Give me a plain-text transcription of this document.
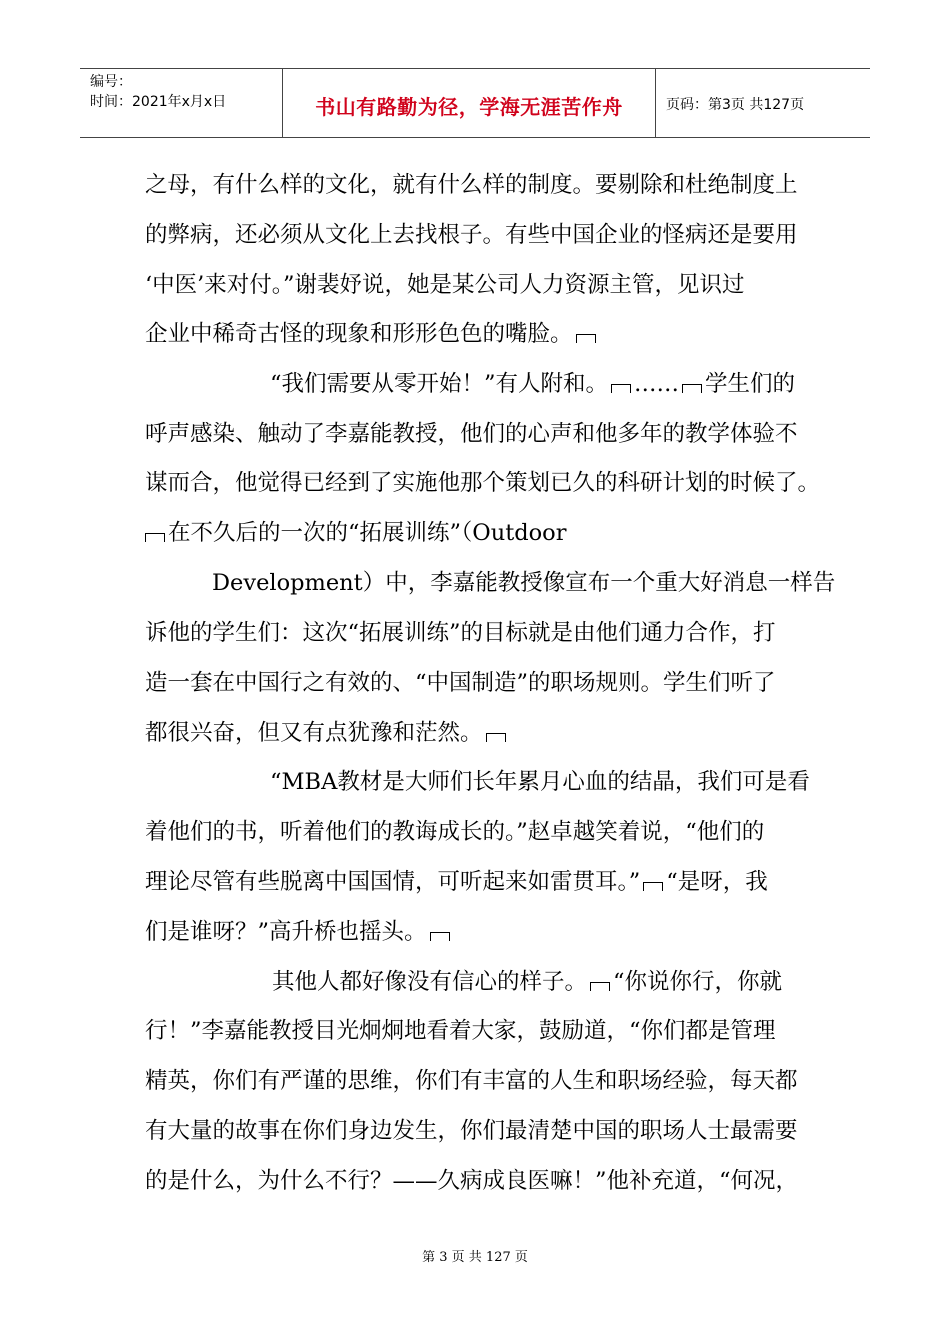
编号：
时间：2021年x月x日	书山有路勤为径，学海无涯苦作舟	页码：第3页 共127页
之母，有什么样的文化，就有什么样的制度。要剔除和杜绝制度上
的弊病，还必须从文化上去找根子。有些中国企业的怪病还是要用
‘中医’来对付。”谢裴妤说，她是某公司人力资源主管，见识过
企业中稀奇古怪的现象和形形色色的嘴脸。
“我们需要从零开始！”有人附和。 …… 学生们的
呼声感染、触动了李嘉能教授，他们的心声和他多年的教学体验不
谋而合，他觉得已经到了实施他那个策划已久的科研计划的时候了。
在不久后的一次的“拓展训练”（Outdoor
Development）中，李嘉能教授像宣布一个重大好消息一样告
诉他的学生们：这次“拓展训练”的目标就是由他们通力合作，打
造一套在中国行之有效的、“中国制造”的职场规则。学生们听了
都很兴奋，但又有点犹豫和茫然。
“MBA教材是大师们长年累月心血的结晶，我们可是看
着他们的书，听着他们的教诲成长的。”赵卓越笑着说，“他们的
理论尽管有些脱离中国国情，可听起来如雷贯耳。” “是呀，我
们是谁呀？”高升桥也摇头。
其他人都好像没有信心的样子。 “你说你行，你就
行！”李嘉能教授目光炯炯地看着大家，鼓励道，“你们都是管理
精英，你们有严谨的思维，你们有丰富的人生和职场经验，每天都
有大量的故事在你们身边发生，你们最清楚中国的职场人士最需要
的是什么，为什么不行？——久病成良医嘛！”他补充道，“何况，
第 3 页 共 127 页
